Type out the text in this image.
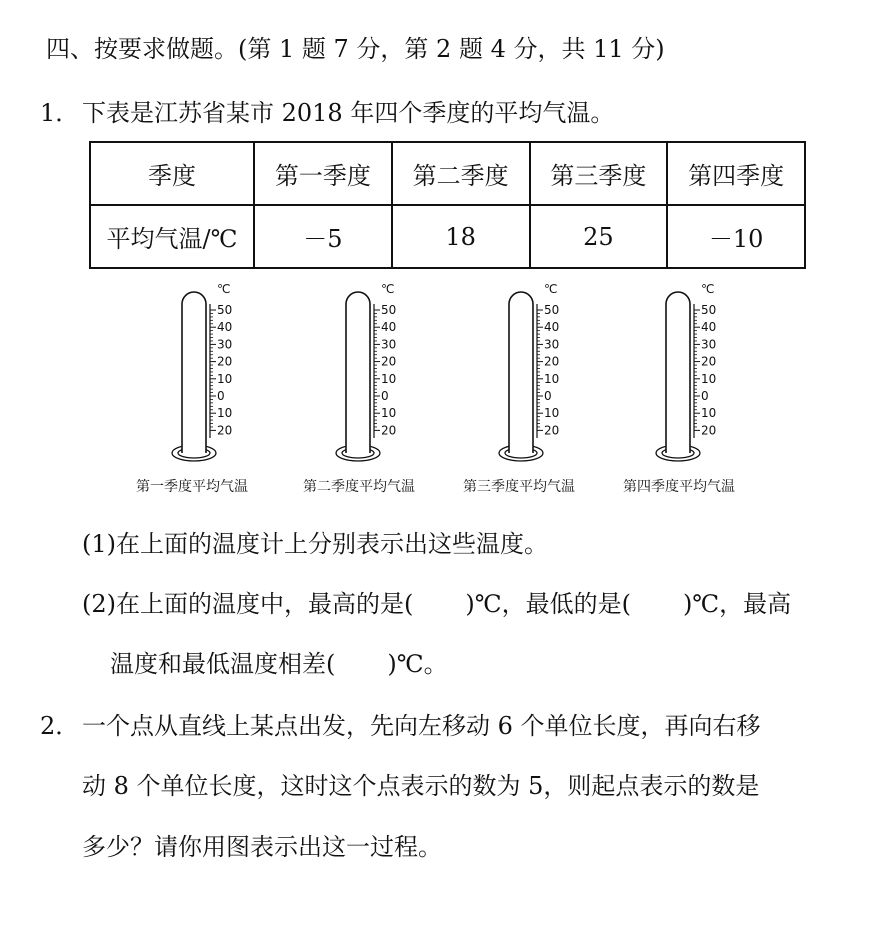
四、按要求做题。(第 1 题 7 分，第 2 题 4 分，共 11 分)
1． 下表是江苏省某市 2018 年四个季度的平均气温。
季度	第一季度	第二季度	第三季度	第四季度
平均气温/℃	－5	18	25	－10
℃
50
40
30
20
10
0
10
20
℃
50
40
30
20
10
0
10
20
℃
50
40
30
20
10
0
10
20
℃
50
40
30
20
10
0
10
20
第一季度平均气温	第二季度平均气温	第三季度平均气温	第四季度平均气温
(1)在上面的温度计上分别表示出这些温度。
(2)在上面的温度中，最高的是( )℃，最低的是( )℃，最高
温度和最低温度相差( )℃。
2． 一个点从直线上某点出发，先向左移动 6 个单位长度，再向右移
动 8 个单位长度，这时这个点表示的数为 5，则起点表示的数是
多少？请你用图表示出这一过程。
